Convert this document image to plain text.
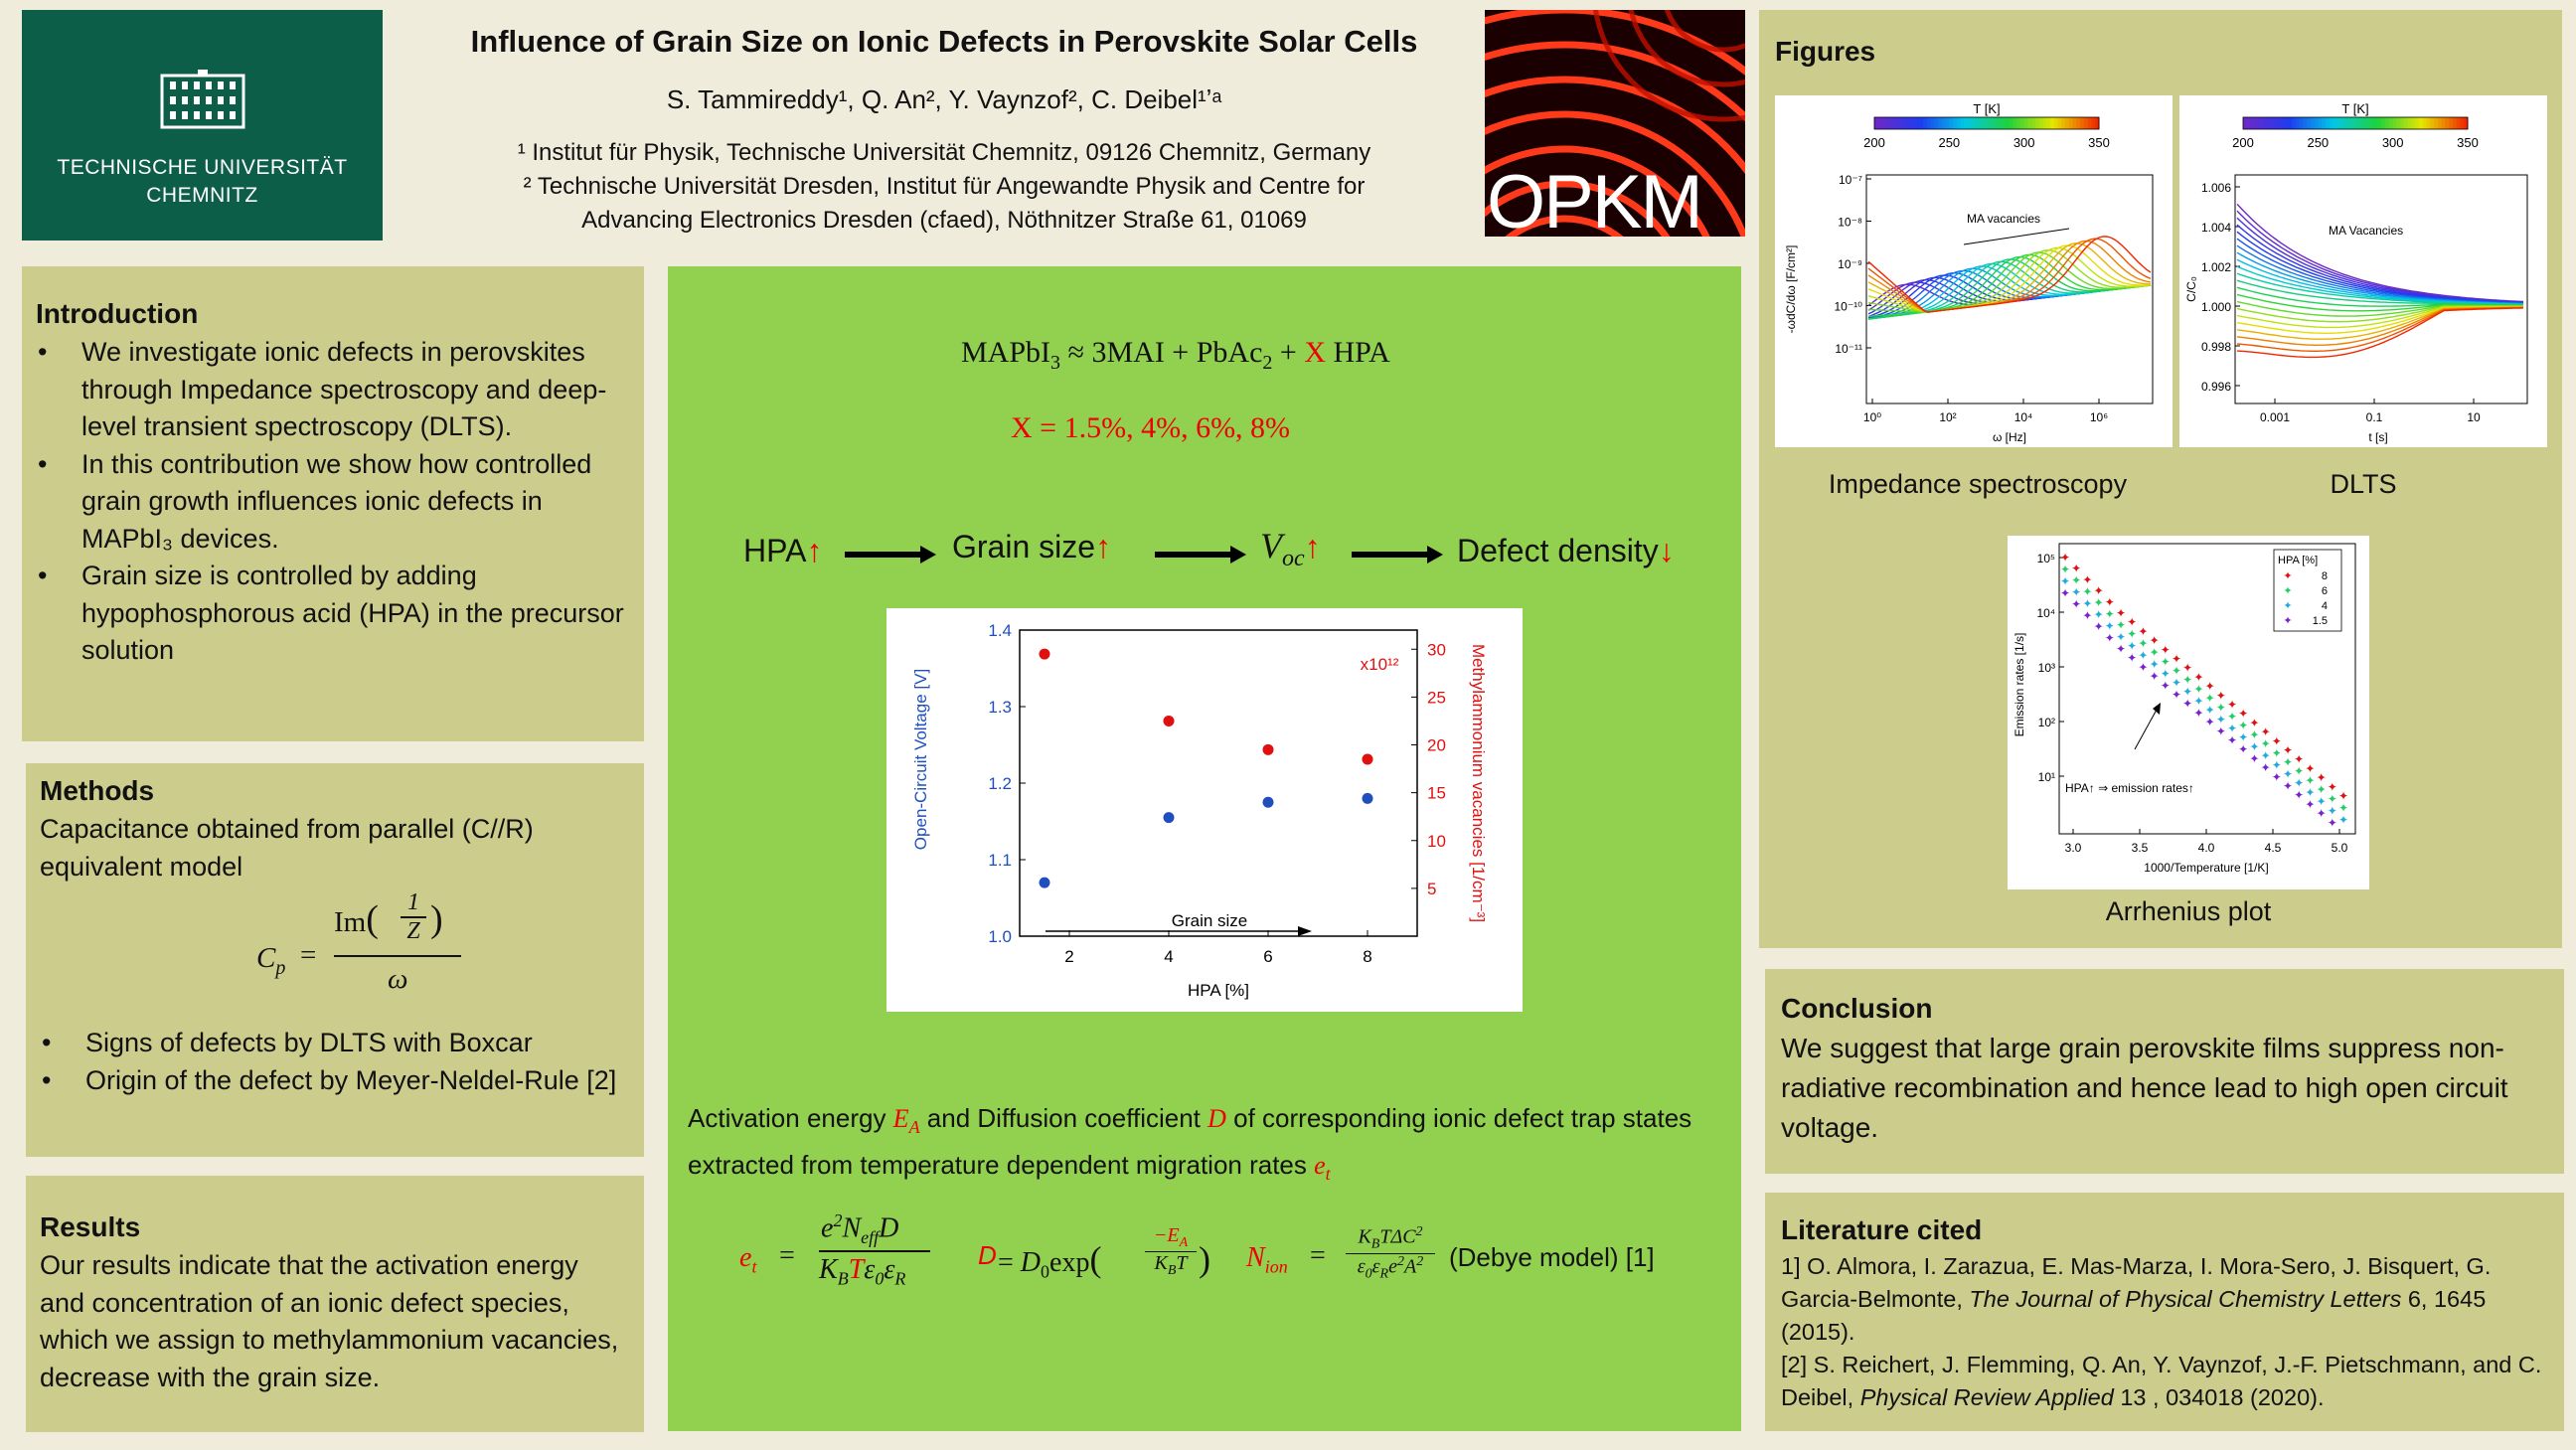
TECHNISCHE UNIVERSITÄT
CHEMNITZ
Influence of Grain Size on Ionic Defects in Perovskite Solar Cells
S. Tammireddy¹, Q. An², Y. Vaynzof², C. Deibel¹ʼᵃ
¹ Institut für Physik, Technische Universität Chemnitz, 09126 Chemnitz, Germany
² Technische Universität Dresden, Institut für Angewandte Physik and Centre for
Advancing Electronics Dresden (cfaed), Nöthnitzer Straße 61, 01069	OPKM
Introduction
• We investigate ionic defects in perovskites through Impedance spectroscopy and deep-level transient spectroscopy (DLTS).
• In this contribution we show how controlled grain growth influences ionic defects in MAPbI₃ devices.
• Grain size is controlled by adding hypophosphorous acid (HPA) in the precursor solution
Methods
Capacitance obtained from parallel (C//R) equivalent model
$C_p$ =
Im( 1
Z )
ω
• Signs of defects by DLTS with Boxcar
• Origin of the defect by Meyer-Neldel-Rule [2]
Results
Our results indicate that the activation energy and concentration of an ionic defect species, which we assign to methylammonium vacancies, decrease with the grain size.
MAPbI$_3$ ≈ 3MAI + PbAc$_2$ + X HPA
X = 1.5%, 4%, 6%, 8%
HPA↑	Grain size↑	$V_{oc}↑$	Defect density↓
1.0
1.1
1.2
1.3
1.4
5
10
15
20
25
30
2	4	6	8
Open-Circuit Voltage [V]	Methylammonium vacancies [1/cm⁻³]
HPA [%]
x10¹²
Grain size
Activation energy $E_A$ and Diffusion coefficient D of corresponding ionic defect trap states extracted from temperature dependent migration rates $e_t$
$e_t$ =
$e^2N_{eff}D$
$K_BT\varepsilon_0\varepsilon_R$
$D = D_0\exp$(
$-E_A$
$K_BT$ ) $N_{ion}$ =
$K_BT\Delta C^2$
$\varepsilon_0\varepsilon_Re^2A^2$ (Debye model) [1]
Figures
T [K]
200	250	300	350
10⁻⁷
10⁻⁸
10⁻⁹
10⁻¹⁰
10⁻¹¹
10⁰	10²	10⁴	10⁶
ω [Hz]
-ωdC/dω [F/cm²]
MA vacancies
Impedance spectroscopy
T [K]
200	250	300	350
1.006
1.004
1.002
1.000
0.998
0.996
0.001	0.1	10
t [s]
C/C₀
MA Vacancies
DLTS
10⁵
10⁴
10³
10²
10¹
3.0	3.5	4.0	4.5	5.0
1000/Temperature [1/K]
Emission rates [1/s]
✦
✦
✦
✦
✦
✦
✦
✦
✦
✦
✦
✦
✦
✦
✦
✦
✦
✦
✦
✦
✦
✦
✦
✦
✦
✦
✦
✦
✦
✦
✦
✦
✦
✦
✦
✦
✦
✦
✦
✦
✦
✦
✦
✦
✦
✦
✦
✦
✦
✦
✦
✦
✦
✦
✦
✦
✦
✦
✦
✦
✦
✦
✦
✦
✦
✦
✦
✦
✦
✦
✦
✦
✦
✦
✦
✦
✦
✦
✦
✦
✦
✦
✦
✦
✦
✦
✦
✦
✦
✦
✦
✦
✦
✦
✦
✦
✦
✦
✦
✦
✦
✦
✦
HPA [%]
✦	8
✦	6
✦	4
✦ 1.5
HPA↑ ⇒ emission rates↑
Arrhenius plot
Conclusion
We suggest that large grain perovskite films suppress non-radiative recombination and hence lead to high open circuit voltage.
Literature cited
1] O. Almora, I. Zarazua, E. Mas-Marza, I. Mora-Sero, J. Bisquert, G. Garcia-Belmonte, The Journal of Physical Chemistry Letters 6, 1645 (2015).
[2] S. Reichert, J. Flemming, Q. An, Y. Vaynzof, J.-F. Pietschmann, and C. Deibel, Physical Review Applied 13 , 034018 (2020).
